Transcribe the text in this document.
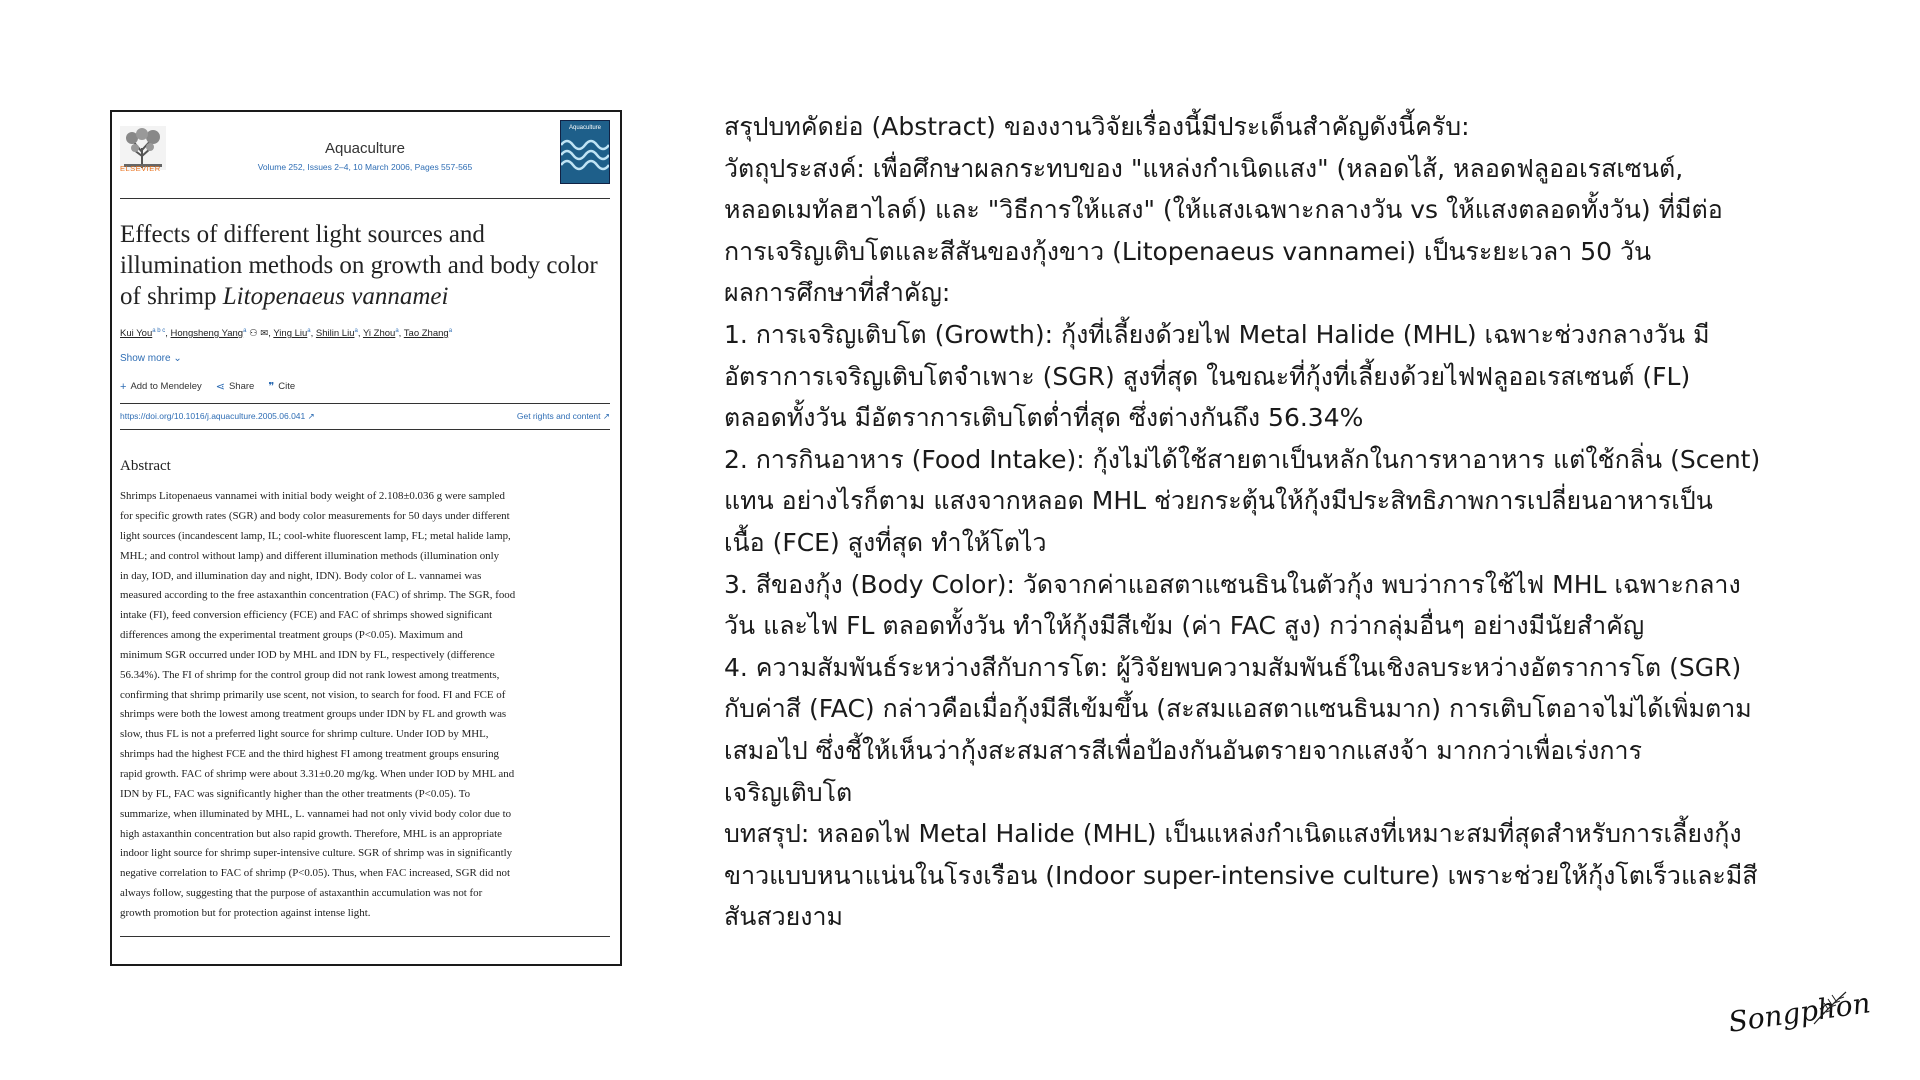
ELSEVIER
Aquaculture
Volume 252, Issues 2–4, 10 March 2006, Pages 557-565
Aquaculture
Effects of different light sources and illumination methods on growth and body color of shrimp Litopenaeus vannamei
Kui You$^{a b c}$, Hongsheng Yang$^a$ ⚇ ✉, Ying Liu$^a$, Shilin Liu$^a$, Yi Zhou$^a$, Tao Zhang$^a$
Show more ⌄
+ Add to Mendeley ⋖ Share ❞ Cite
https://doi.org/10.1016/j.aquaculture.2005.06.041 ↗	Get rights and content ↗
Abstract
Shrimps Litopenaeus vannamei with initial body weight of 2.108±0.036 g were sampled
for specific growth rates (SGR) and body color measurements for 50 days under different
light sources (incandescent lamp, IL; cool-white fluorescent lamp, FL; metal halide lamp,
MHL; and control without lamp) and different illumination methods (illumination only
in day, IOD, and illumination day and night, IDN). Body color of L. vannamei was
measured according to the free astaxanthin concentration (FAC) of shrimp. The SGR, food
intake (FI), feed conversion efficiency (FCE) and FAC of shrimps showed significant
differences among the experimental treatment groups (P<0.05). Maximum and
minimum SGR occurred under IOD by MHL and IDN by FL, respectively (difference
56.34%). The FI of shrimp for the control group did not rank lowest among treatments,
confirming that shrimp primarily use scent, not vision, to search for food. FI and FCE of
shrimps were both the lowest among treatment groups under IDN by FL and growth was
slow, thus FL is not a preferred light source for shrimp culture. Under IOD by MHL,
shrimps had the highest FCE and the third highest FI among treatment groups ensuring
rapid growth. FAC of shrimp were about 3.31±0.20 mg/kg. When under IOD by MHL and
IDN by FL, FAC was significantly higher than the other treatments (P<0.05). To
summarize, when illuminated by MHL, L. vannamei had not only vivid body color due to
high astaxanthin concentration but also rapid growth. Therefore, MHL is an appropriate
indoor light source for shrimp super-intensive culture. SGR of shrimp was in significantly
negative correlation to FAC of shrimp (P<0.05). Thus, when FAC increased, SGR did not
always follow, suggesting that the purpose of astaxanthin accumulation was not for
growth promotion but for protection against intense light.

สรุปบทคัดย่อ (Abstract) ของงานวิจัยเรื่องนี้มีประเด็นสำคัญดังนี้ครับ:

วัตถุประสงค์: เพื่อศึกษาผลกระทบของ "แหล่งกำเนิดแสง" (หลอดไส้, หลอดฟลูออเรสเซนต์,

หลอดเมทัลฮาไลด์) และ "วิธีการให้แสง" (ให้แสงเฉพาะกลางวัน vs ให้แสงตลอดทั้งวัน) ที่มีต่อ

การเจริญเติบโตและสีสันของกุ้งขาว (Litopenaeus vannamei) เป็นระยะเวลา 50 วัน

ผลการศึกษาที่สำคัญ:

1. การเจริญเติบโต (Growth): กุ้งที่เลี้ยงด้วยไฟ Metal Halide (MHL) เฉพาะช่วงกลางวัน มี

อัตราการเจริญเติบโตจำเพาะ (SGR) สูงที่สุด ในขณะที่กุ้งที่เลี้ยงด้วยไฟฟลูออเรสเซนต์ (FL)

ตลอดทั้งวัน มีอัตราการเติบโตต่ำที่สุด ซึ่งต่างกันถึง 56.34%

2. การกินอาหาร (Food Intake): กุ้งไม่ได้ใช้สายตาเป็นหลักในการหาอาหาร แต่ใช้กลิ่น (Scent)

แทน อย่างไรก็ตาม แสงจากหลอด MHL ช่วยกระตุ้นให้กุ้งมีประสิทธิภาพการเปลี่ยนอาหารเป็น

เนื้อ (FCE) สูงที่สุด ทำให้โตไว

3. สีของกุ้ง (Body Color): วัดจากค่าแอสตาแซนธินในตัวกุ้ง พบว่าการใช้ไฟ MHL เฉพาะกลาง

วัน และไฟ FL ตลอดทั้งวัน ทำให้กุ้งมีสีเข้ม (ค่า FAC สูง) กว่ากลุ่มอื่นๆ อย่างมีนัยสำคัญ

4. ความสัมพันธ์ระหว่างสีกับการโต: ผู้วิจัยพบความสัมพันธ์ในเชิงลบระหว่างอัตราการโต (SGR)

กับค่าสี (FAC) กล่าวคือเมื่อกุ้งมีสีเข้มขึ้น (สะสมแอสตาแซนธินมาก) การเติบโตอาจไม่ได้เพิ่มตาม

เสมอไป ซึ่งชี้ให้เห็นว่ากุ้งสะสมสารสีเพื่อป้องกันอันตรายจากแสงจ้า มากกว่าเพื่อเร่งการ

เจริญเติบโต

บทสรุป: หลอดไฟ Metal Halide (MHL) เป็นแหล่งกำเนิดแสงที่เหมาะสมที่สุดสำหรับการเลี้ยงกุ้ง

ขาวแบบหนาแน่นในโรงเรือน (Indoor super-intensive culture) เพราะช่วยให้กุ้งโตเร็วและมีสี

สันสวยงาม

Songphon
